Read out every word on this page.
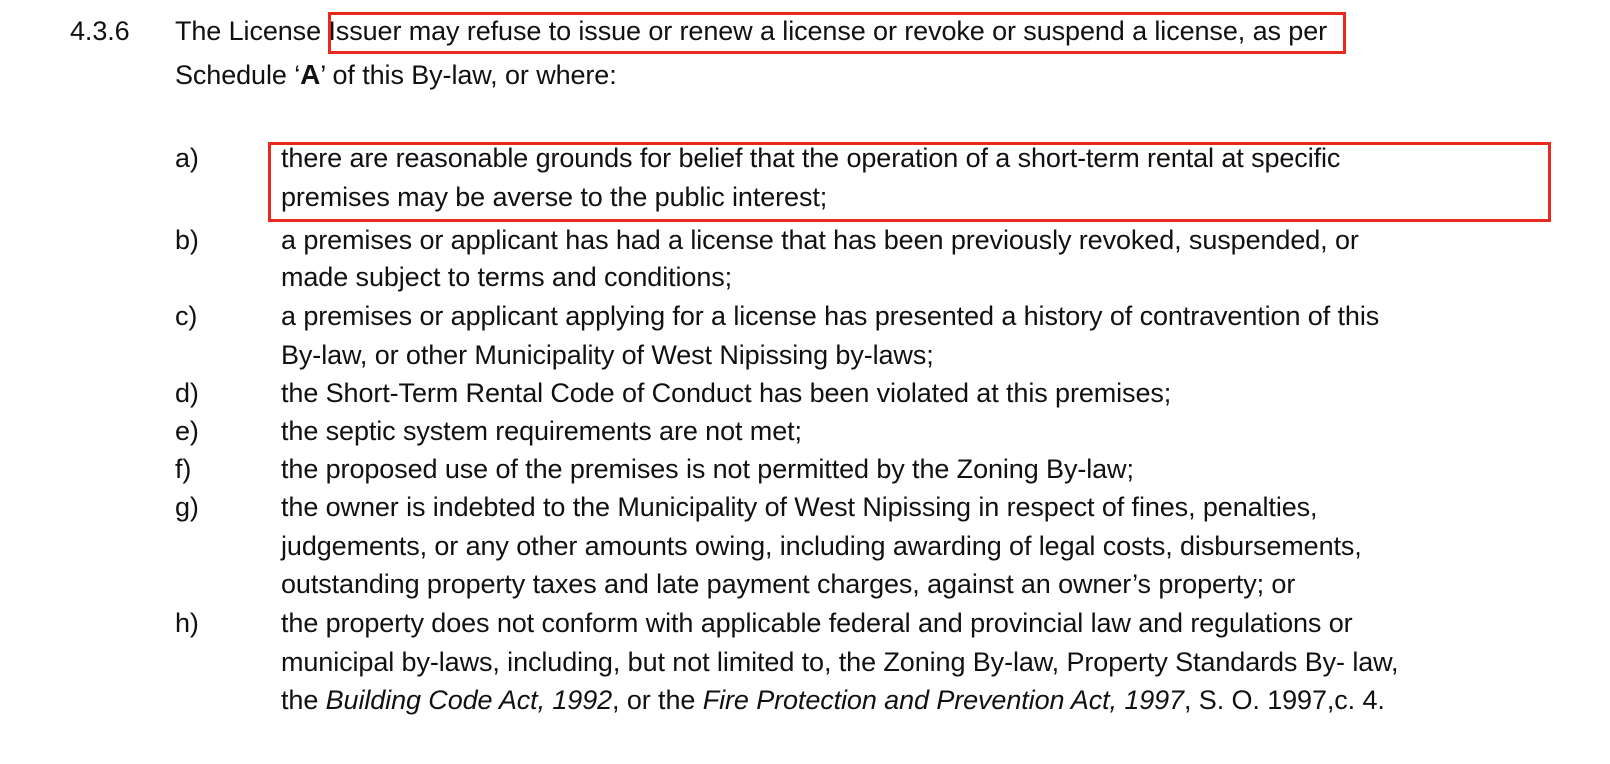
4.3.6 The License Issuer may refuse to issue or renew a license or revoke or suspend a license, as per
Schedule ‘A’ of this By-law, or where:
a)	there are reasonable grounds for belief that the operation of a short-term rental at specific
premises may be averse to the public interest;
b)	a premises or applicant has had a license that has been previously revoked, suspended, or
made subject to terms and conditions;
c)	a premises or applicant applying for a license has presented a history of contravention of this
By-law, or other Municipality of West Nipissing by-laws;
d)	the Short-Term Rental Code of Conduct has been violated at this premises;
e)	the septic system requirements are not met;
f)	the proposed use of the premises is not permitted by the Zoning By-law;
g)	the owner is indebted to the Municipality of West Nipissing in respect of fines, penalties,
judgements, or any other amounts owing, including awarding of legal costs, disbursements,
outstanding property taxes and late payment charges, against an owner’s property; or
h)	the property does not conform with applicable federal and provincial law and regulations or
municipal by-laws, including, but not limited to, the Zoning By-law, Property Standards By- law,
the Building Code Act, 1992, or the Fire Protection and Prevention Act, 1997, S. O. 1997,c. 4.
